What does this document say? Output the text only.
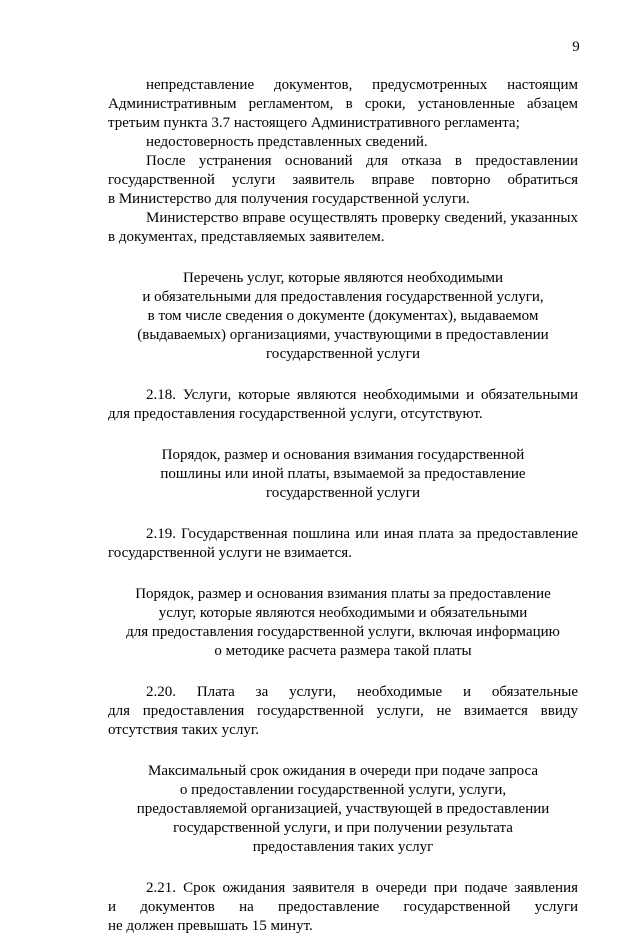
9
непредставление документов, предусмотренных настоящим
Административным регламентом, в сроки, установленные абзацем
третьим пункта 3.7 настоящего Административного регламента;
недостоверность представленных сведений.
После устранения оснований для отказа в предоставлении
государственной услуги заявитель вправе повторно обратиться
в Министерство для получения государственной услуги.
Министерство вправе осуществлять проверку сведений, указанных
в документах, представляемых заявителем.
Перечень услуг, которые являются необходимыми
и обязательными для предоставления государственной услуги,
в том числе сведения о документе (документах), выдаваемом
(выдаваемых) организациями, участвующими в предоставлении
государственной услуги
2.18. Услуги, которые являются необходимыми и обязательными
для предоставления государственной услуги, отсутствуют.
Порядок, размер и основания взимания государственной
пошлины или иной платы, взымаемой за предоставление
государственной услуги
2.19. Государственная пошлина или иная плата за предоставление
государственной услуги не взимается.
Порядок, размер и основания взимания платы за предоставление
услуг, которые являются необходимыми и обязательными
для предоставления государственной услуги, включая информацию
о методике расчета размера такой платы
2.20. Плата за услуги, необходимые и обязательные
для предоставления государственной услуги, не взимается ввиду
отсутствия таких услуг.
Максимальный срок ожидания в очереди при подаче запроса
о предоставлении государственной услуги, услуги,
предоставляемой организацией, участвующей в предоставлении
государственной услуги, и при получении результата
предоставления таких услуг
2.21. Срок ожидания заявителя в очереди при подаче заявления
и документов на предоставление государственной услуги
не должен превышать 15 минут.
